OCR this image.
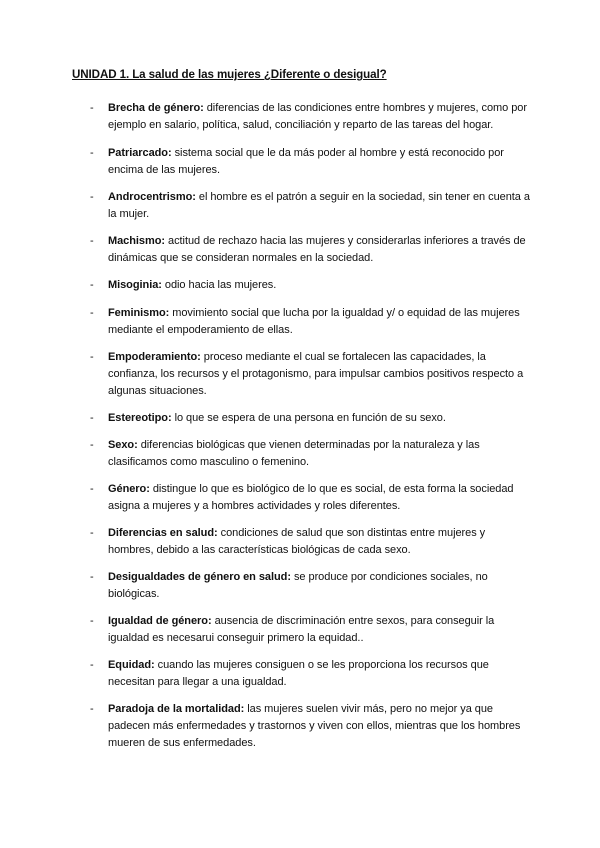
UNIDAD 1. La salud de las mujeres ¿Diferente o desigual?
-	Brecha de género: diferencias de las condiciones entre hombres y mujeres, como por ejemplo en salario, política, salud, conciliación y reparto de las tareas del hogar.
-	Patriarcado: sistema social que le da más poder al hombre y está reconocido por encima de las mujeres.
-	Androcentrismo: el hombre es el patrón a seguir en la sociedad, sin tener en cuenta a la mujer.
-	Machismo: actitud de rechazo hacia las mujeres y considerarlas inferiores a través de dinámicas que se consideran normales en la sociedad.
-	Misoginia: odio hacia las mujeres.
-	Feminismo: movimiento social que lucha por la igualdad y/ o equidad de las mujeres mediante el empoderamiento de ellas.
-	Empoderamiento: proceso mediante el cual se fortalecen las capacidades, la confianza, los recursos y el protagonismo, para impulsar cambios positivos respecto a algunas situaciones.
-	Estereotipo: lo que se espera de una persona en función de su sexo.
-	Sexo: diferencias biológicas que vienen determinadas por la naturaleza y las clasificamos como masculino o femenino.
-	Género: distingue lo que es biológico de lo que es social, de esta forma la sociedad asigna a mujeres y a hombres actividades y roles diferentes.
-	Diferencias en salud: condiciones de salud que son distintas entre mujeres y hombres, debido a las características biológicas de cada sexo.
-	Desigualdades de género en salud: se produce por condiciones sociales, no biológicas.
-	Igualdad de género: ausencia de discriminación entre sexos, para conseguir la igualdad es necesarui conseguir primero la equidad..
-	Equidad: cuando las mujeres consiguen o se les proporciona los recursos que necesitan para llegar a una igualdad.
-	Paradoja de la mortalidad: las mujeres suelen vivir más, pero no mejor ya que padecen más enfermedades y trastornos y viven con ellos, mientras que los hombres mueren de sus enfermedades.
